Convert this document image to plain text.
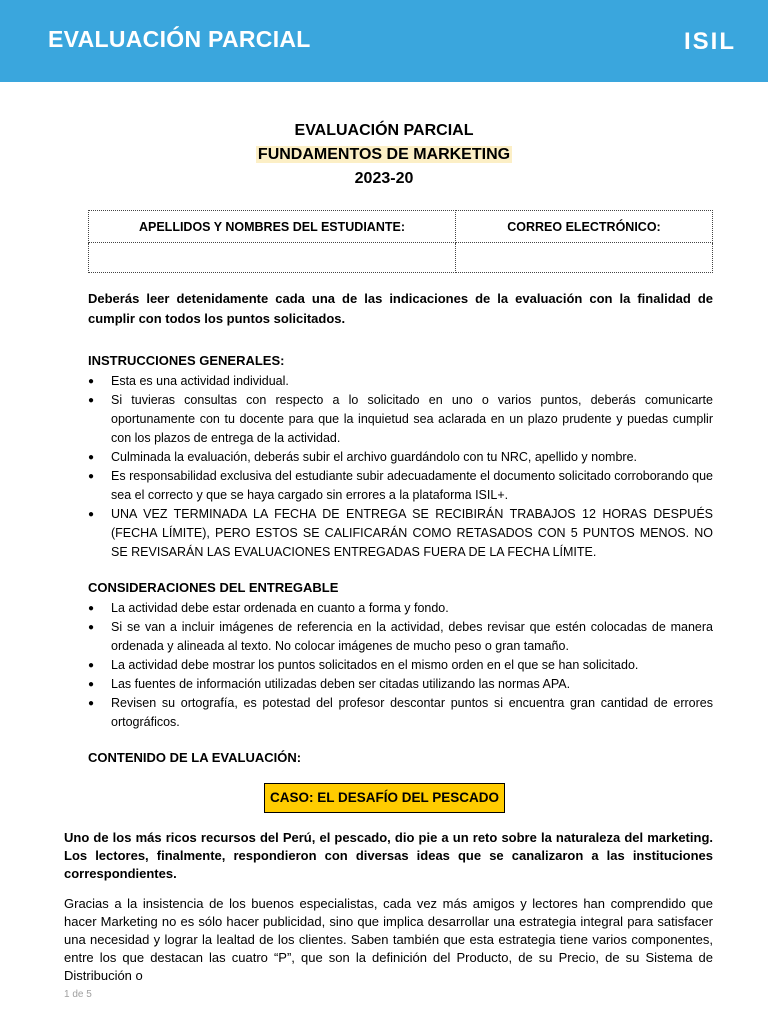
EVALUACIÓN PARCIAL	ISIL
EVALUACIÓN PARCIAL
FUNDAMENTOS DE MARKETING
2023-20
APELLIDOS Y NOMBRES DEL ESTUDIANTE:	CORREO ELECTRÓNICO:

Deberás leer detenidamente cada una de las indicaciones de la evaluación con la finalidad de cumplir con todos los puntos solicitados.
INSTRUCCIONES GENERALES:
● Esta es una actividad individual.
● Si tuvieras consultas con respecto a lo solicitado en uno o varios puntos, deberás comunicarte oportunamente con tu docente para que la inquietud sea aclarada en un plazo prudente y puedas cumplir con los plazos de entrega de la actividad.
● Culminada la evaluación, deberás subir el archivo guardándolo con tu NRC, apellido y nombre.
● Es responsabilidad exclusiva del estudiante subir adecuadamente el documento solicitado corroborando que sea el correcto y que se haya cargado sin errores a la plataforma ISIL+.
● UNA VEZ TERMINADA LA FECHA DE ENTREGA SE RECIBIRÁN TRABAJOS 12 HORAS DESPUÉS (FECHA LÍMITE), PERO ESTOS SE CALIFICARÁN COMO RETASADOS CON 5 PUNTOS MENOS. NO SE REVISARÁN LAS EVALUACIONES ENTREGADAS FUERA DE LA FECHA LÍMITE.
CONSIDERACIONES DEL ENTREGABLE
● La actividad debe estar ordenada en cuanto a forma y fondo.
● Si se van a incluir imágenes de referencia en la actividad, debes revisar que estén colocadas de manera ordenada y alineada al texto. No colocar imágenes de mucho peso o gran tamaño.
● La actividad debe mostrar los puntos solicitados en el mismo orden en el que se han solicitado.
● Las fuentes de información utilizadas deben ser citadas utilizando las normas APA.
● Revisen su ortografía, es potestad del profesor descontar puntos si encuentra gran cantidad de errores ortográficos.
CONTENIDO DE LA EVALUACIÓN:
CASO: EL DESAFÍO DEL PESCADO
Uno de los más ricos recursos del Perú, el pescado, dio pie a un reto sobre la naturaleza del marketing. Los lectores, finalmente, respondieron con diversas ideas que se canalizaron a las instituciones correspondientes.
Gracias a la insistencia de los buenos especialistas, cada vez más amigos y lectores han comprendido que hacer Marketing no es sólo hacer publicidad, sino que implica desarrollar una estrategia integral para satisfacer una necesidad y lograr la lealtad de los clientes. Saben también que esta estrategia tiene varios componentes, entre los que destacan las cuatro “P”, que son la definición del Producto, de su Precio, de su Sistema de Distribución o
1 de 5
